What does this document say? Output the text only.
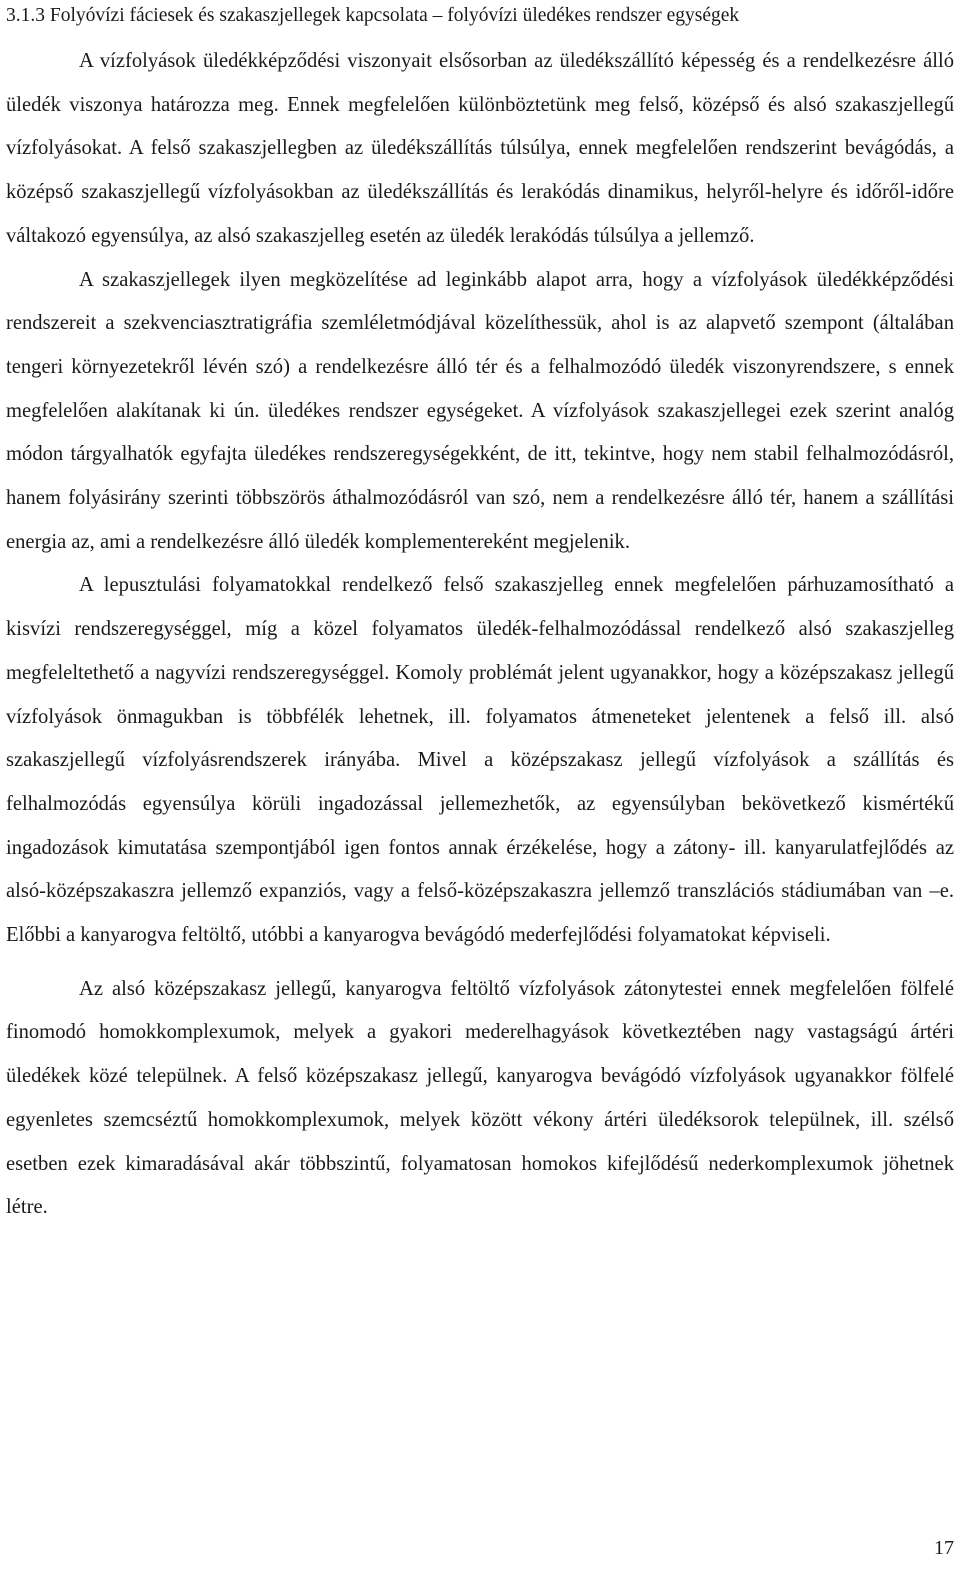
3.1.3 Folyóvízi fáciesek és szakaszjellegek kapcsolata – folyóvízi üledékes rendszer egységek

A vízfolyások üledékképződési viszonyait elsősorban az üledékszállító képesség és a rendelkezésre álló üledék viszonya határozza meg. Ennek megfelelően különböztetünk meg felső, középső és alsó szakaszjellegű vízfolyásokat. A felső szakaszjellegben az üledékszállítás túlsúlya, ennek megfelelően rendszerint bevágódás, a középső szakaszjellegű vízfolyásokban az üledékszállítás és lerakódás dinamikus, helyről-helyre és időről-időre váltakozó egyensúlya, az alsó szakaszjelleg esetén az üledék lerakódás túlsúlya a jellemző.

A szakaszjellegek ilyen megközelítése ad leginkább alapot arra, hogy a vízfolyások üledékképződési rendszereit a szekvenciasztratigráfia szemléletmódjával közelíthessük, ahol is az alapvető szempont (általában tengeri környezetekről lévén szó) a rendelkezésre álló tér és a felhalmozódó üledék viszonyrendszere, s ennek megfelelően alakítanak ki ún. üledékes rendszer egységeket. A vízfolyások szakaszjellegei ezek szerint analóg módon tárgyalhatók egyfajta üledékes rendszeregységekként, de itt, tekintve, hogy nem stabil felhalmozódásról, hanem folyásirány szerinti többszörös áthalmozódásról van szó, nem a rendelkezésre álló tér, hanem a szállítási energia az, ami a rendelkezésre álló üledék komplementereként megjelenik.

A lepusztulási folyamatokkal rendelkező felső szakaszjelleg ennek megfelelően párhuzamosítható a kisvízi rendszeregységgel, míg a közel folyamatos üledék-felhalmozódással rendelkező alsó szakaszjelleg megfeleltethető a nagyvízi rendszeregységgel. Komoly problémát jelent ugyanakkor, hogy a középszakasz jellegű vízfolyások önmagukban is többfélék lehetnek, ill. folyamatos átmeneteket jelentenek a felső ill. alsó szakaszjellegű vízfolyásrendszerek irányába. Mivel a középszakasz jellegű vízfolyások a szállítás és felhalmozódás egyensúlya körüli ingadozással jellemezhetők, az egyensúlyban bekövetkező kismértékű ingadozások kimutatása szempontjából igen fontos annak érzékelése, hogy a zátony- ill. kanyarulatfejlődés az alsó-középszakaszra jellemző expanziós, vagy a felső-középszakaszra jellemző transzlációs stádiumában van –e. Előbbi a kanyarogva feltöltő, utóbbi a kanyarogva bevágódó mederfejlődési folyamatokat képviseli.

Az alsó középszakasz jellegű, kanyarogva feltöltő vízfolyások zátonytestei ennek megfelelően fölfelé finomodó homokkomplexumok, melyek a gyakori mederelhagyások következtében nagy vastagságú ártéri üledékek közé települnek. A felső középszakasz jellegű, kanyarogva bevágódó vízfolyások ugyanakkor fölfelé egyenletes szemcséztű homokkomplexumok, melyek között vékony ártéri üledéksorok települnek, ill. szélső esetben ezek kimaradásával akár többszintű, folyamatosan homokos kifejlődésű nederkomplexumok jöhetnek létre.

17
